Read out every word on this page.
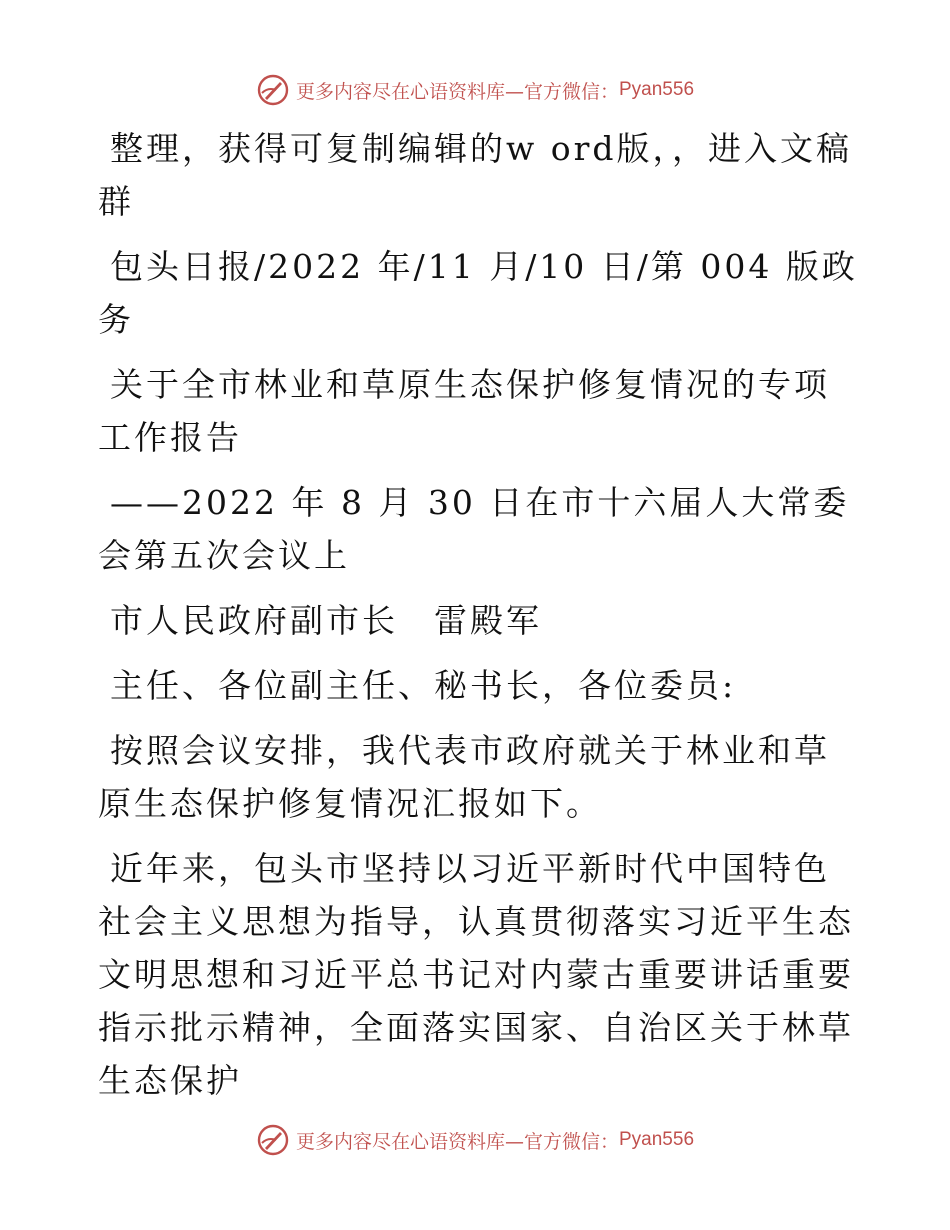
更多内容尽在心语资料库—官方微信： Pyan556

整理，获得可复制编辑的w ord版，，进入文稿群

包头日报/2022 年/11 月/10 日/第 004 版政务

关于全市林业和草原生态保护修复情况的专项工作报告

——2022 年 8 月 30 日在市十六届人大常委会第五次会议上

市人民政府副市长　雷殿军

主任、各位副主任、秘书长，各位委员:

按照会议安排，我代表市政府就关于林业和草原生态保护修复情况汇报如下。

近年来，包头市坚持以习近平新时代中国特色社会主义思想为指导，认真贯彻落实习近平生态文明思想和习近平总书记对内蒙古重要讲话重要指示批示精神，全面落实国家、自治区关于林草生态保护

更多内容尽在心语资料库—官方微信： Pyan556
